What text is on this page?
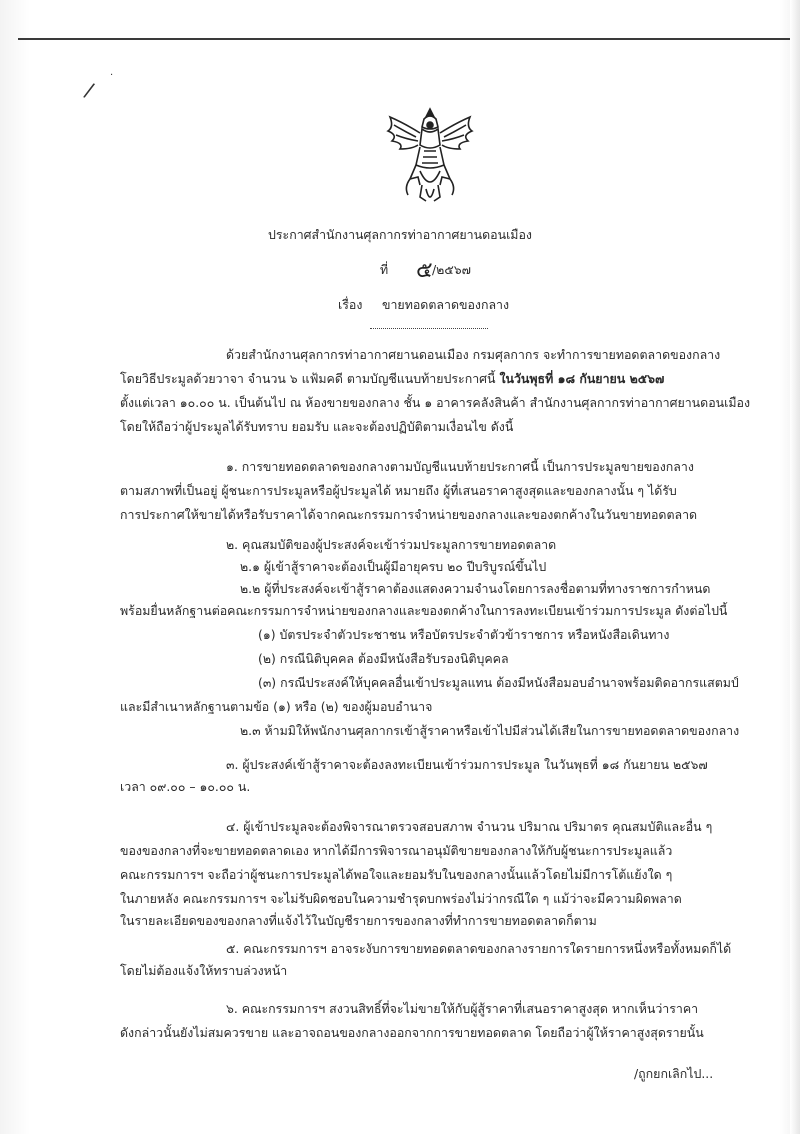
/
·
ประกาศสำนักงานศุลกากรท่าอากาศยานดอนเมือง
ที่ ๕ /๒๕๖๗
เรื่อง ขายทอดตลาดของกลาง
ด้วยสำนักงานศุลกากรท่าอากาศยานดอนเมือง กรมศุลกากร จะทำการขายทอดตลาดของกลาง
โดยวิธีประมูลด้วยวาจา จำนวน ๖ แฟ้มคดี ตามบัญชีแนบท้ายประกาศนี้ ในวันพุธที่ ๑๘ กันยายน ๒๕๖๗
ตั้งแต่เวลา ๑๐.๐๐ น. เป็นต้นไป ณ ห้องขายของกลาง ชั้น ๑ อาคารคลังสินค้า สำนักงานศุลกากรท่าอากาศยานดอนเมือง
โดยให้ถือว่าผู้ประมูลได้รับทราบ ยอมรับ และจะต้องปฏิบัติตามเงื่อนไข ดังนี้
๑. การขายทอดตลาดของกลางตามบัญชีแนบท้ายประกาศนี้ เป็นการประมูลขายของกลาง
ตามสภาพที่เป็นอยู่ ผู้ชนะการประมูลหรือผู้ประมูลได้ หมายถึง ผู้ที่เสนอราคาสูงสุดและของกลางนั้น ๆ ได้รับ
การประกาศให้ขายได้หรือรับราคาได้จากคณะกรรมการจำหน่ายของกลางและของตกค้างในวันขายทอดตลาด
๒. คุณสมบัติของผู้ประสงค์จะเข้าร่วมประมูลการขายทอดตลาด
๒.๑ ผู้เข้าสู้ราคาจะต้องเป็นผู้มีอายุครบ ๒๐ ปีบริบูรณ์ขึ้นไป
๒.๒ ผู้ที่ประสงค์จะเข้าสู้ราคาต้องแสดงความจำนงโดยการลงชื่อตามที่ทางราชการกำหนด
พร้อมยื่นหลักฐานต่อคณะกรรมการจำหน่ายของกลางและของตกค้างในการลงทะเบียนเข้าร่วมการประมูล ดังต่อไปนี้
(๑) บัตรประจำตัวประชาชน หรือบัตรประจำตัวข้าราชการ หรือหนังสือเดินทาง
(๒) กรณีนิติบุคคล ต้องมีหนังสือรับรองนิติบุคคล
(๓) กรณีประสงค์ให้บุคคลอื่นเข้าประมูลแทน ต้องมีหนังสือมอบอำนาจพร้อมติดอากรแสตมป์
และมีสำเนาหลักฐานตามข้อ (๑) หรือ (๒) ของผู้มอบอำนาจ
๒.๓ ห้ามมิให้พนักงานศุลกากรเข้าสู้ราคาหรือเข้าไปมีส่วนได้เสียในการขายทอดตลาดของกลาง
๓. ผู้ประสงค์เข้าสู้ราคาจะต้องลงทะเบียนเข้าร่วมการประมูล ในวันพุธที่ ๑๘ กันยายน ๒๕๖๗
เวลา ๐๙.๐๐ – ๑๐.๐๐ น.
๔. ผู้เข้าประมูลจะต้องพิจารณาตรวจสอบสภาพ จำนวน ปริมาณ ปริมาตร คุณสมบัติและอื่น ๆ
ของของกลางที่จะขายทอดตลาดเอง หากได้มีการพิจารณาอนุมัติขายของกลางให้กับผู้ชนะการประมูลแล้ว
คณะกรรมการฯ จะถือว่าผู้ชนะการประมูลได้พอใจและยอมรับในของกลางนั้นแล้วโดยไม่มีการโต้แย้งใด ๆ
ในภายหลัง คณะกรรมการฯ จะไม่รับผิดชอบในความชำรุดบกพร่องไม่ว่ากรณีใด ๆ แม้ว่าจะมีความผิดพลาด
ในรายละเอียดของของกลางที่แจ้งไว้ในบัญชีรายการของกลางที่ทำการขายทอดตลาดก็ตาม
๕. คณะกรรมการฯ อาจระงับการขายทอดตลาดของกลางรายการใดรายการหนึ่งหรือทั้งหมดก็ได้
โดยไม่ต้องแจ้งให้ทราบล่วงหน้า
๖. คณะกรรมการฯ สงวนสิทธิ์ที่จะไม่ขายให้กับผู้สู้ราคาที่เสนอราคาสูงสุด หากเห็นว่าราคา
ดังกล่าวนั้นยังไม่สมควรขาย และอาจถอนของกลางออกจากการขายทอดตลาด โดยถือว่าผู้ให้ราคาสูงสุดรายนั้น
/ถูกยกเลิกไป...
